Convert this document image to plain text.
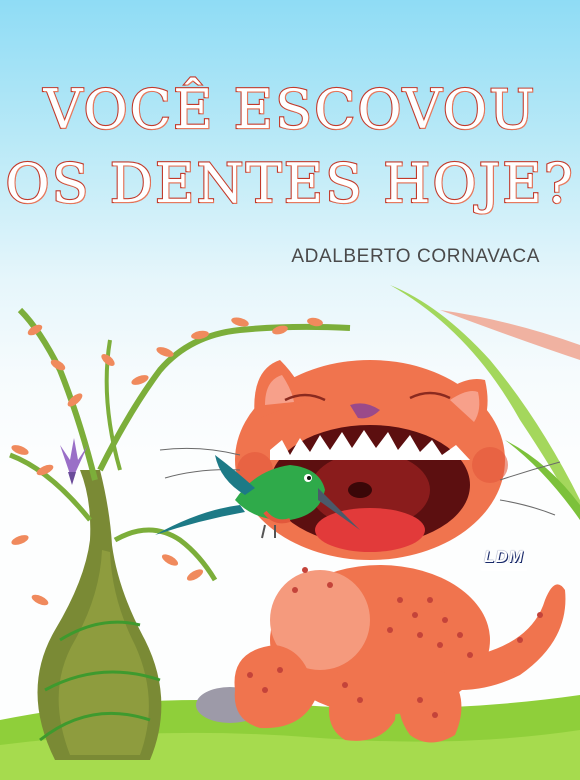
VOCÊ ESCOVOU
OS DENTES HOJE?
ADALBERTO CORNAVACA
LDM
